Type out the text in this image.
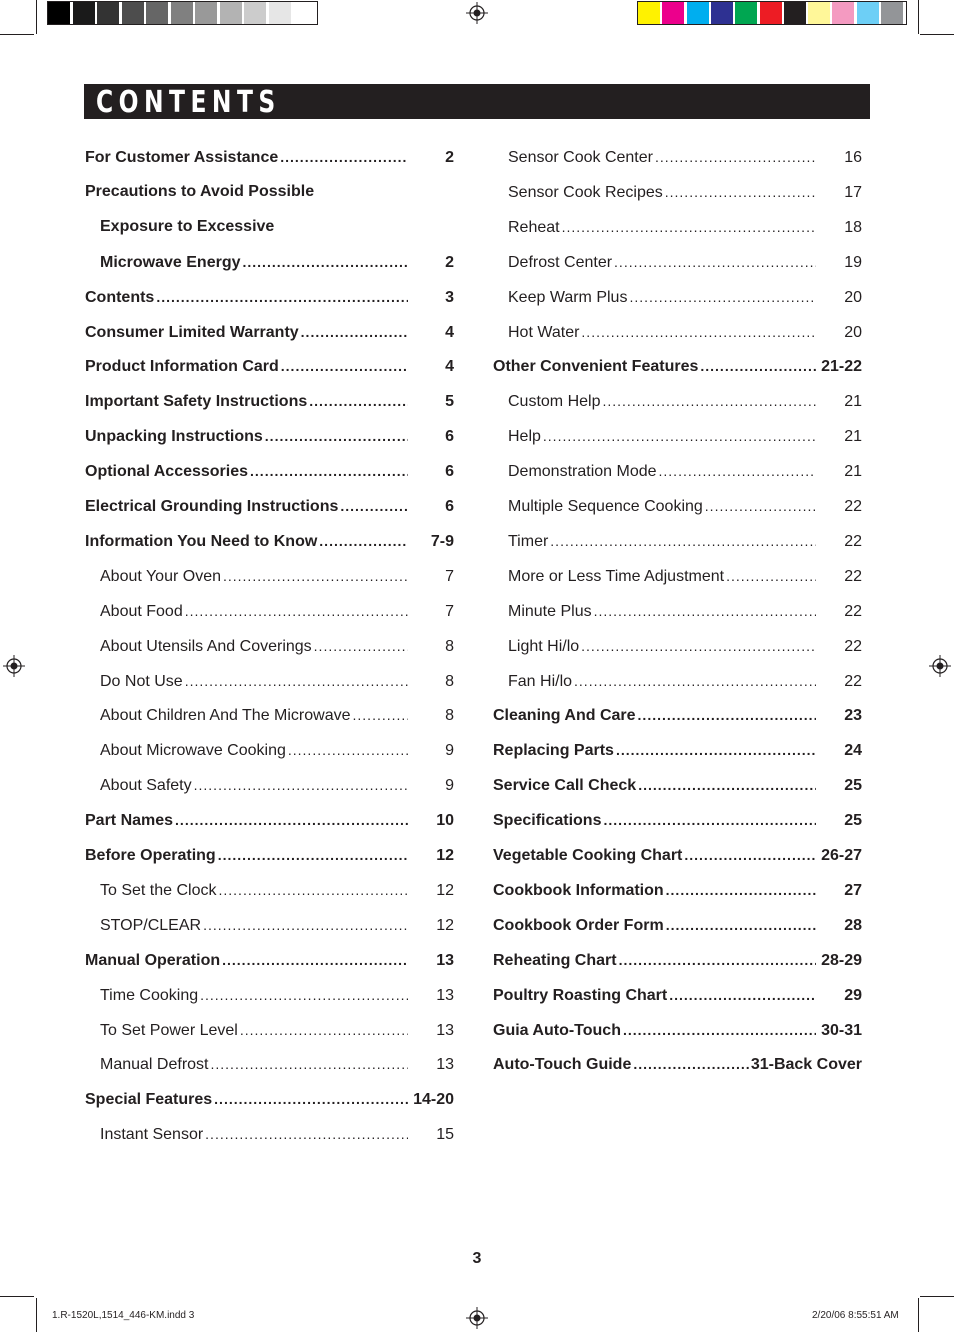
CONTENTS
For Customer Assistance .....	2
Precautions to Avoid Possible
Exposure to Excessive
Microwave Energy .....	2
Contents .....	3
Consumer Limited Warranty .....	4
Product Information Card .....	4
Important Safety Instructions .....	5
Unpacking Instructions .....	6
Optional Accessories .....	6
Electrical Grounding Instructions .....	6
Information You Need to Know .....	7-9
About Your Oven .....	7
About Food .....	7
About Utensils And Coverings .....	8
Do Not Use .....	8
About Children And The Microwave .....	8
About Microwave Cooking .....	9
About Safety .....	9
Part Names .....	10
Before Operating .....	12
To Set the Clock .....	12
STOP/CLEAR .....	12
Manual Operation .....	13
Time Cooking .....	13
To Set Power Level .....	13
Manual Defrost .....	13
Special Features .....	14-20
Instant Sensor .....	15
Sensor Cook Center .....	16
Sensor Cook Recipes .....	17
Reheat .....	18
Defrost Center .....	19
Keep Warm Plus .....	20
Hot Water .....	20
Other Convenient Features .....	21-22
Custom Help .....	21
Help .....	21
Demonstration Mode .....	21
Multiple Sequence Cooking .....	22
Timer .....	22
More or Less Time Adjustment .....	22
Minute Plus .....	22
Light Hi/lo .....	22
Fan Hi/lo .....	22
Cleaning And Care .....	23
Replacing Parts .....	24
Service Call Check .....	25
Specifications .....	25
Vegetable Cooking Chart .....	26-27
Cookbook Information .....	27
Cookbook Order Form .....	28
Reheating Chart .....	28-29
Poultry Roasting Chart .....	29
Guia Auto-Touch .....	30-31
Auto-Touch Guide .....	31-Back Cover
3
1.R-1520L,1514_446-KM.indd 3	2/20/06 8:55:51 AM
